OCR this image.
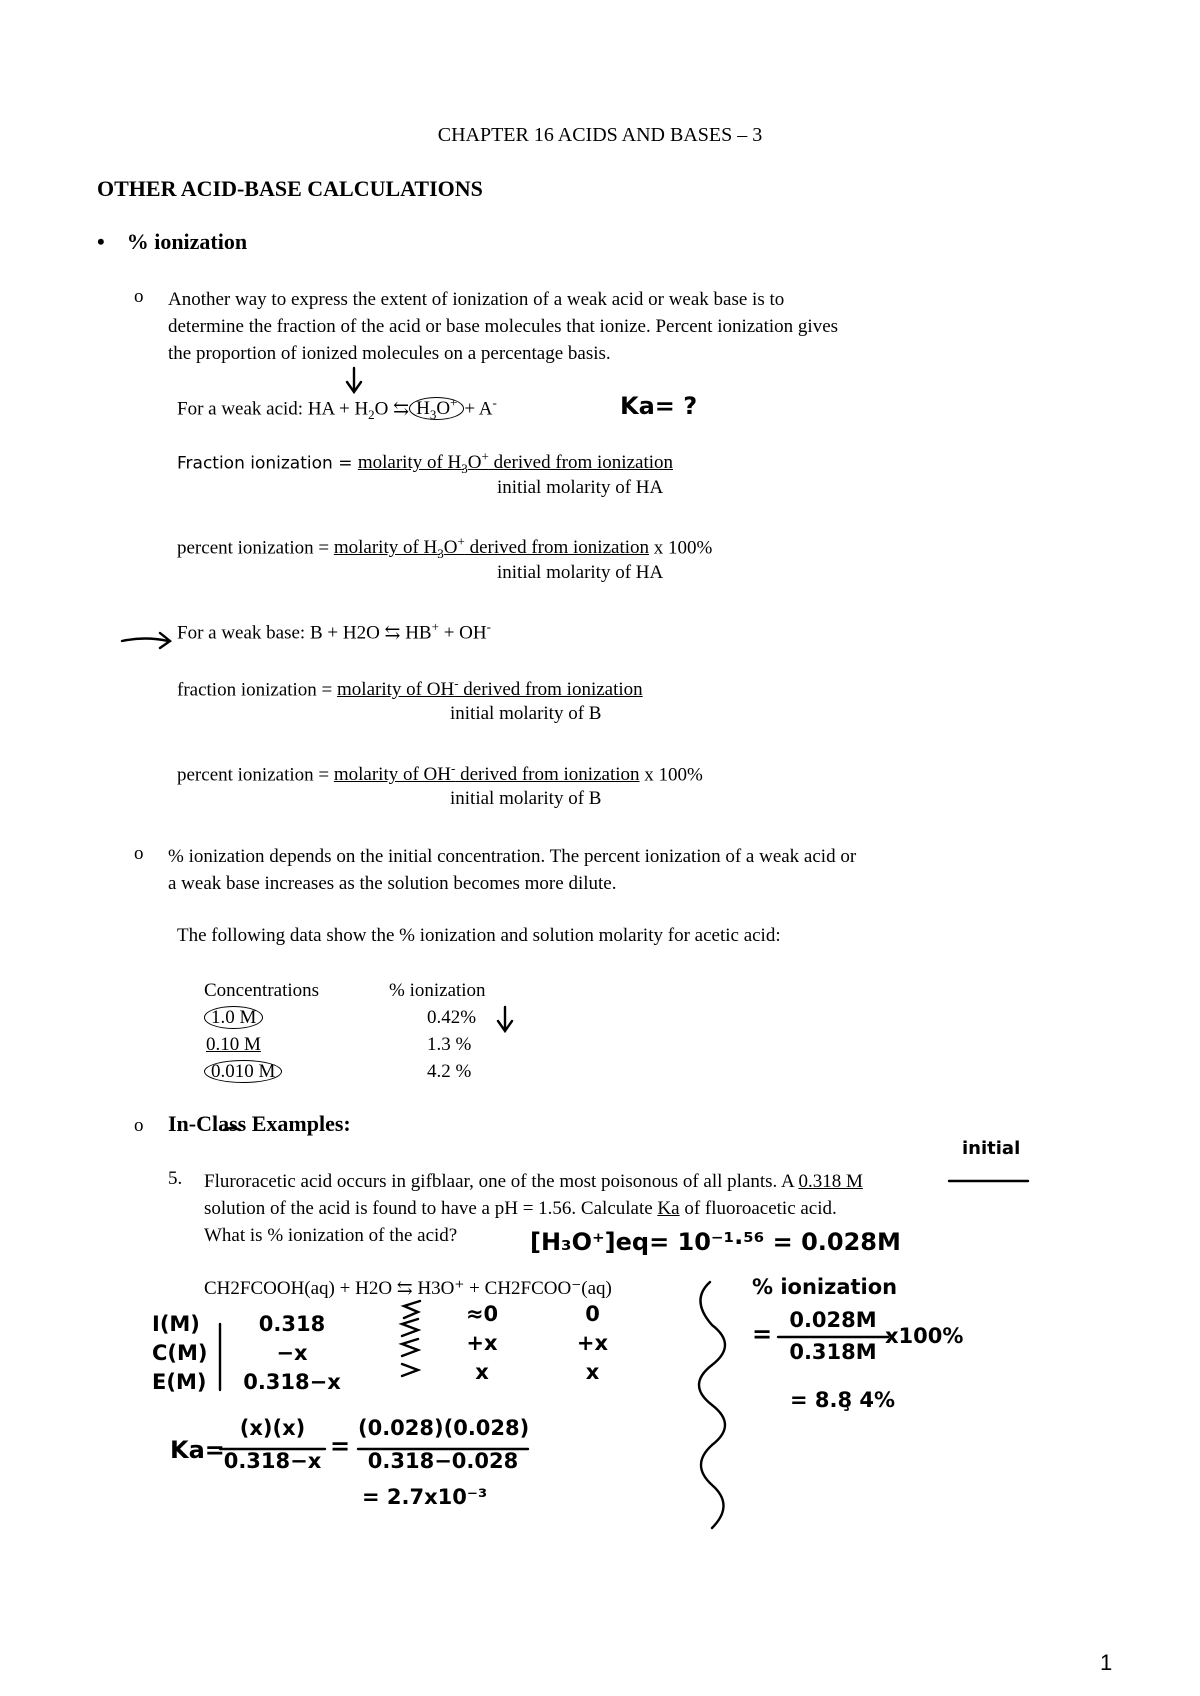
CHAPTER 16 ACIDS AND BASES – 3
OTHER ACID-BASE CALCULATIONS
• % ionization
o Another way to express the extent of ionization of a weak acid or weak base is to
determine the fraction of the acid or base molecules that ionize. Percent ionization gives
the proportion of ionized molecules on a percentage basis.
For a weak acid: HA + $H_2O$ ⇆ $H_3O^+ + A^-$
Fraction ionization = molarity of $H_3O^+$ derived from ionization
initial molarity of HA
percent ionization = molarity of $H_3O^+$ derived from ionization x 100%
initial molarity of HA
For a weak base: B + H2O ⇆ HB+ + OH-
fraction ionization = molarity of OH- derived from ionization
initial molarity of B
percent ionization = molarity of OH- derived from ionization x 100%
initial molarity of B
o % ionization depends on the initial concentration. The percent ionization of a weak acid or
a weak base increases as the solution becomes more dilute.
The following data show the % ionization and solution molarity for acetic acid:
Concentrations
1.0 M
0.10 M
0.010 M
% ionization
0.42%
1.3 %
4.2 %
o In-Class Examples:
5. Fluroracetic acid occurs in gifblaar, one of the most poisonous of all plants. A 0.318 M
solution of the acid is found to have a pH = 1.56. Calculate Ka of fluoroacetic acid.
What is % ionization of the acid?
CH2FCOOH(aq) + H2O ⇆ H3O⁺ + CH2FCOO⁻(aq)
Ka= ?
initial
[H₃O⁺]eq= 10⁻¹·⁵⁶ = 0.028M
I(M)
C(M)
E(M)
0.318
−x
0.318−x
≈0
+x
x
0
+x
x
% ionization
= 0.028M
0.318M
x100%
= 8.8̧ 4%
Ka=
(x)(x)
0.318−x
=
(0.028)(0.028)
0.318−0.028
= 2.7x10⁻³
1
